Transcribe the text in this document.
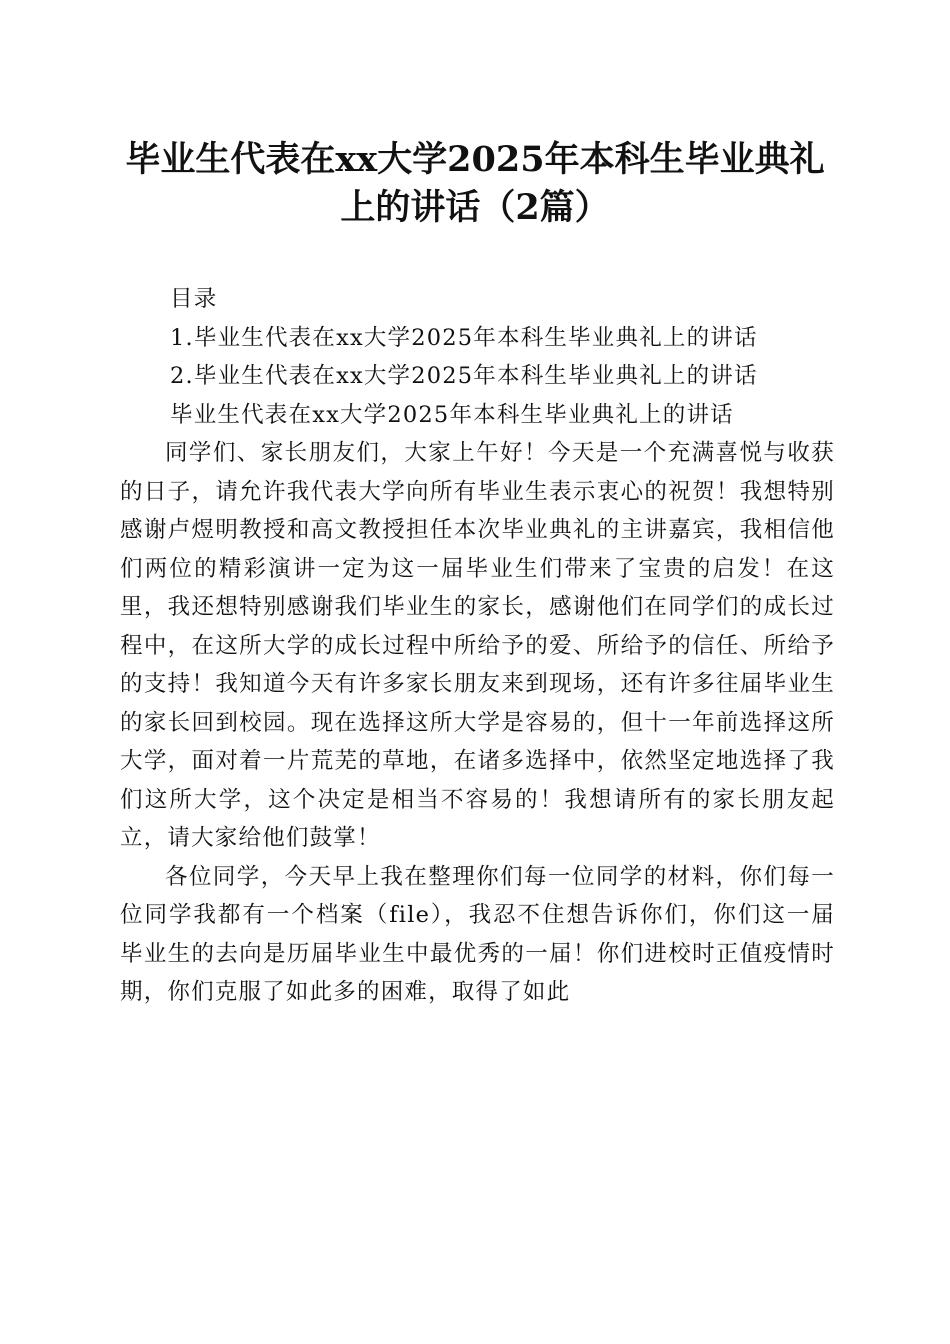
毕业生代表在xx大学2025年本科生毕业典礼
上的讲话（2篇）

目录

1.毕业生代表在xx大学2025年本科生毕业典礼上的讲话

2.毕业生代表在xx大学2025年本科生毕业典礼上的讲话

毕业生代表在xx大学2025年本科生毕业典礼上的讲话

同学们、家长朋友们，大家上午好！今天是一个充满喜悦与收获的日子，请允许我代表大学向所有毕业生表示衷心的祝贺！我想特别感谢卢煜明教授和高文教授担任本次毕业典礼的主讲嘉宾，我相信他们两位的精彩演讲一定为这一届毕业生们带来了宝贵的启发！在这里，我还想特别感谢我们毕业生的家长，感谢他们在同学们的成长过程中，在这所大学的成长过程中所给予的爱、所给予的信任、所给予的支持！我知道今天有许多家长朋友来到现场，还有许多往届毕业生的家长回到校园。现在选择这所大学是容易的，但十一年前选择这所大学，面对着一片荒芜的草地，在诸多选择中，依然坚定地选择了我们这所大学，这个决定是相当不容易的！我想请所有的家长朋友起立，请大家给他们鼓掌！

各位同学，今天早上我在整理你们每一位同学的材料，你们每一位同学我都有一个档案（file），我忍不住想告诉你们，你们这一届毕业生的去向是历届毕业生中最优秀的一届！你们进校时正值疫情时期，你们克服了如此多的困难，取得了如此
